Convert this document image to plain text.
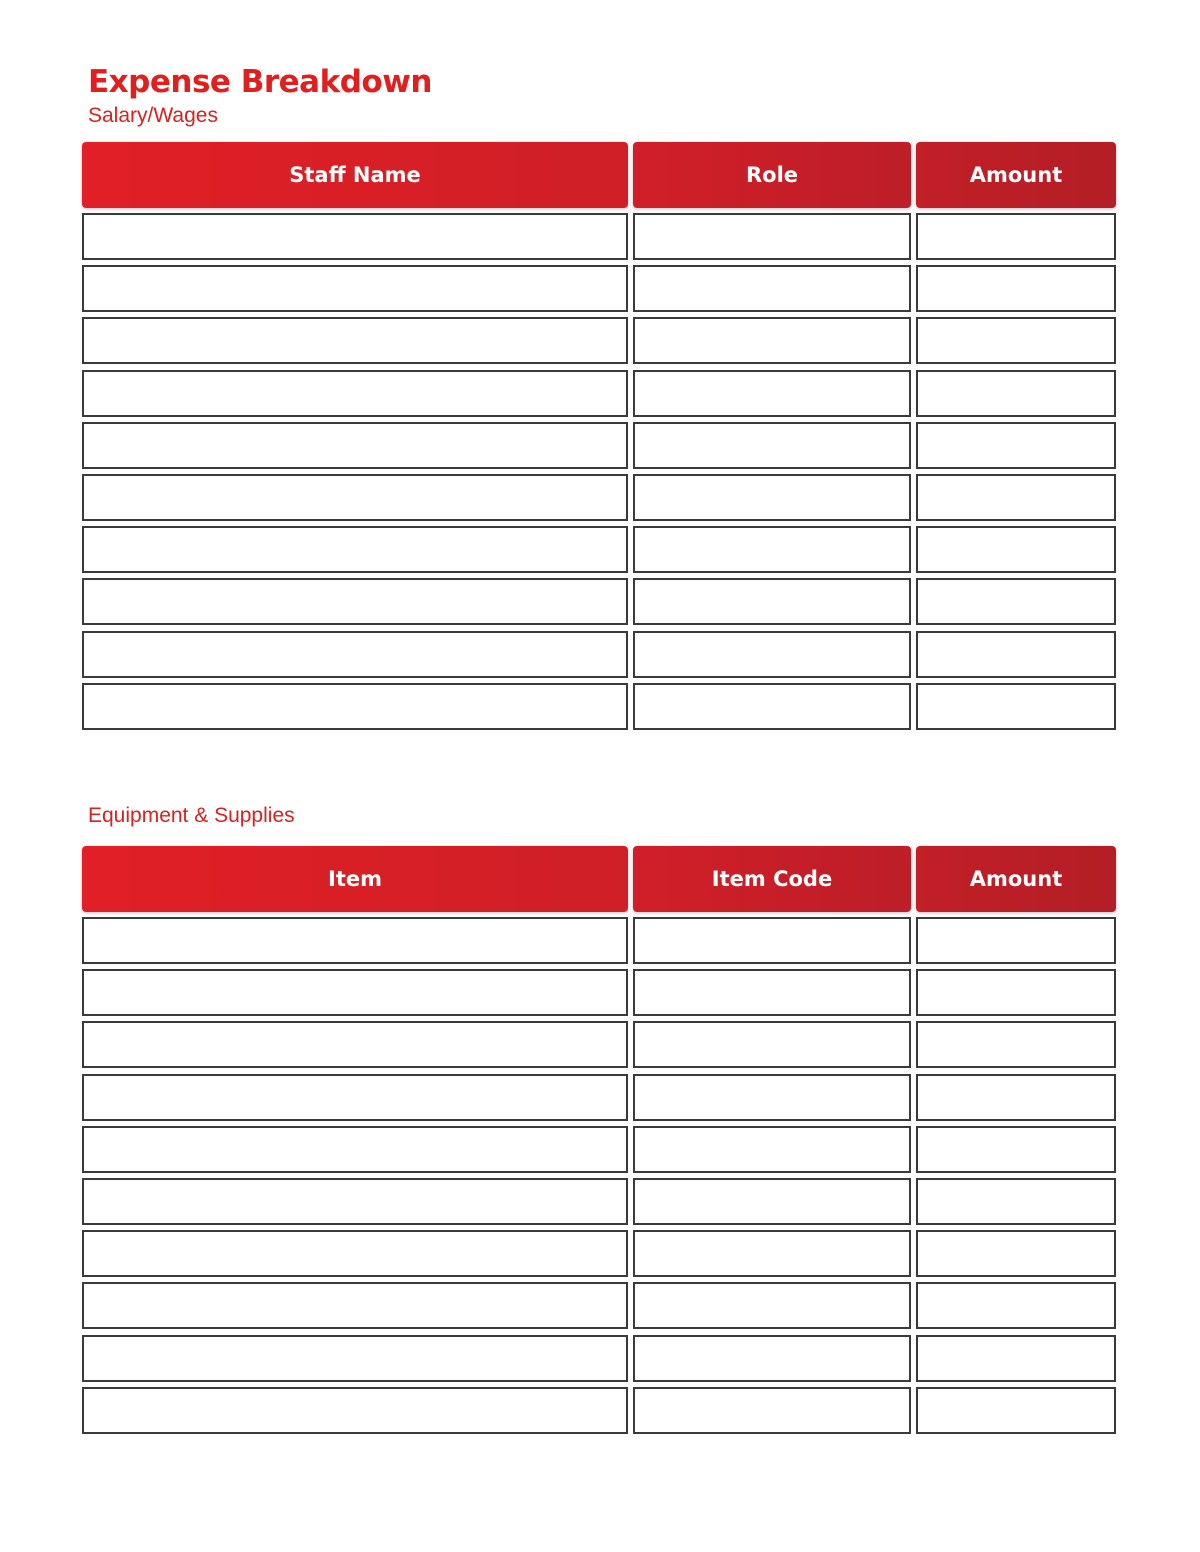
Expense Breakdown
Salary/Wages
Staff Name	Role	Amount
Equipment & Supplies
Item	Item Code	Amount
